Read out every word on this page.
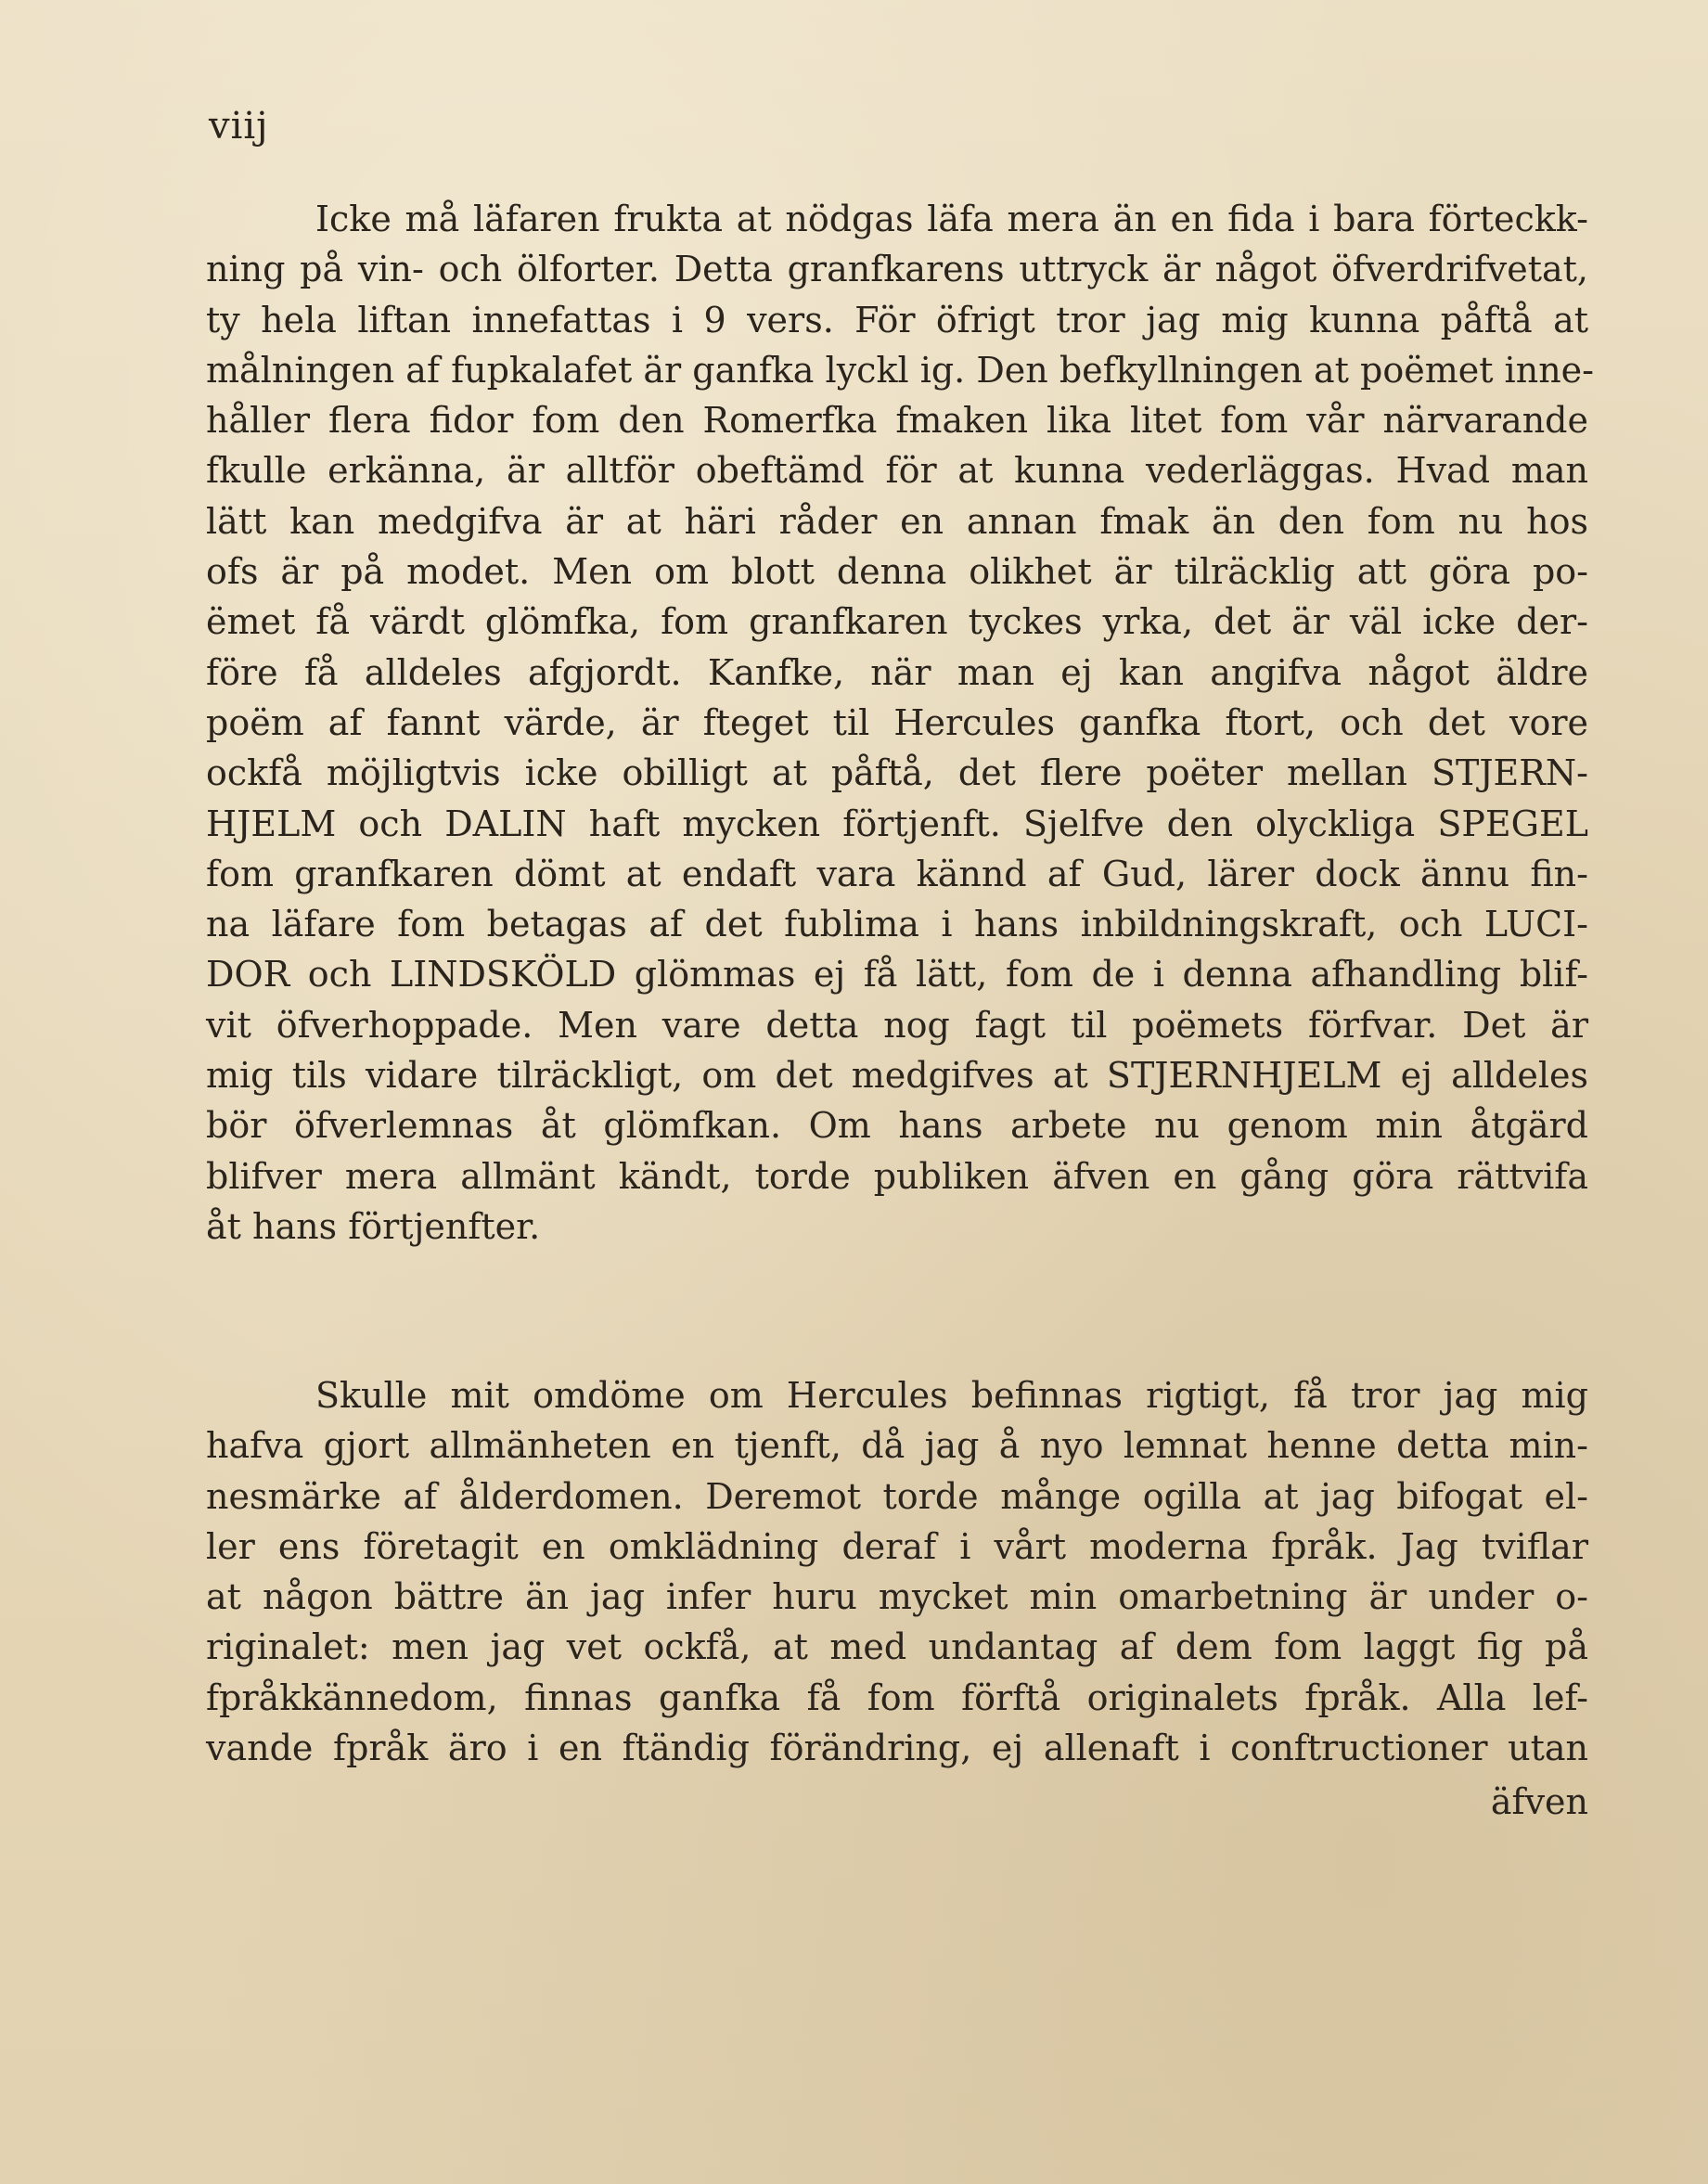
viij
Icke må läfaren frukta at nödgas läfa mera än en fida i bara förteckk-
ning på vin- och ölforter. Detta granfkarens uttryck är något öfverdrifvetat,
ty hela liftan innefattas i 9 vers. För öfrigt tror jag mig kunna påftå at
målningen af fupkalafet är ganfka lyckl ig. Den befkyllningen at poëmet inne-
håller flera fidor fom den Romerfka fmaken lika litet fom vår närvarande
fkulle erkänna, är alltför obeftämd för at kunna vederläggas. Hvad man
lätt kan medgifva är at häri råder en annan fmak än den fom nu hos
ofs är på modet. Men om blott denna olikhet är tilräcklig att göra po-
ëmet få värdt glömfka, fom granfkaren tyckes yrka, det är väl icke der-
före få alldeles afgjordt. Kanfke, när man ej kan angifva något äldre
poëm af fannt värde, är fteget til Hercules ganfka ftort, och det vore
ockfå möjligtvis icke obilligt at påftå, det flere poëter mellan STJERN-
HJELM och DALIN haft mycken förtjenft. Sjelfve den olyckliga SPEGEL
fom granfkaren dömt at endaft vara kännd af Gud, lärer dock ännu fin-
na läfare fom betagas af det fublima i hans inbildningskraft, och LUCI-
DOR och LINDSKÖLD glömmas ej få lätt, fom de i denna afhandling blif-
vit öfverhoppade. Men vare detta nog fagt til poëmets förfvar. Det är
mig tils vidare tilräckligt, om det medgifves at STJERNHJELM ej alldeles
bör öfverlemnas åt glömfkan. Om hans arbete nu genom min åtgärd
blifver mera allmänt kändt, torde publiken äfven en gång göra rättvifa
åt hans förtjenfter.
Skulle mit omdöme om Hercules befinnas rigtigt, få tror jag mig
hafva gjort allmänheten en tjenft, då jag å nyo lemnat henne detta min-
nesmärke af ålderdomen. Deremot torde månge ogilla at jag bifogat el-
ler ens företagit en omklädning deraf i vårt moderna fpråk. Jag tviflar
at någon bättre än jag infer huru mycket min omarbetning är under o-
riginalet: men jag vet ockfå, at med undantag af dem fom laggt fig på
fpråkkännedom, finnas ganfka få fom förftå originalets fpråk. Alla lef-
vande fpråk äro i en ftändig förändring, ej allenaft i conftructioner utan
äfven
